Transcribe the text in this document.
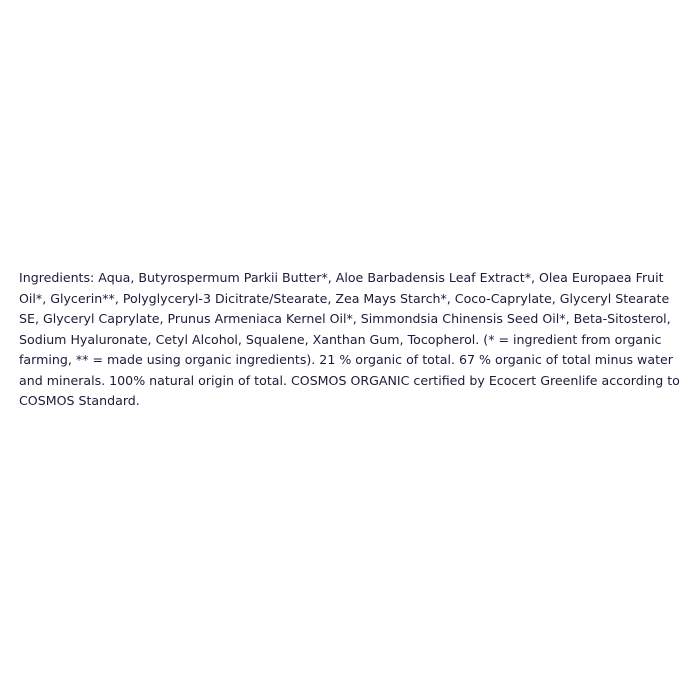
Ingredients: Aqua, Butyrospermum Parkii Butter*, Aloe Barbadensis Leaf Extract*, Olea Europaea Fruit Oil*, Glycerin**, Polyglyceryl-3 Dicitrate/Stearate, Zea Mays Starch*, Coco-Caprylate, Glyceryl Stearate SE, Glyceryl Caprylate, Prunus Armeniaca Kernel Oil*, Simmondsia Chinensis Seed Oil*, Beta-Sitosterol, Sodium Hyaluronate, Cetyl Alcohol, Squalene, Xanthan Gum, Tocopherol. (* = ingredient from organic farming, ** = made using organic ingredients). 21 % organic of total. 67 % organic of total minus water and minerals. 100% natural origin of total. COSMOS ORGANIC certified by Ecocert Greenlife according to COSMOS Standard.
